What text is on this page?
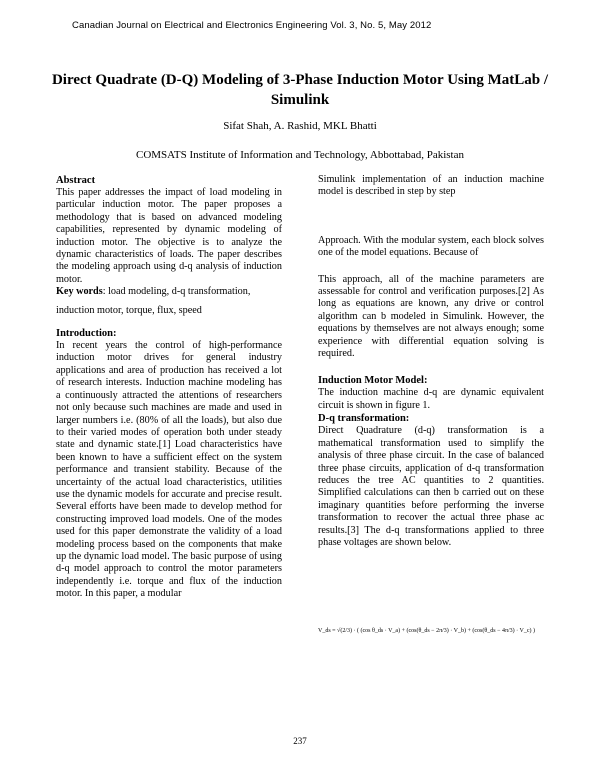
Canadian Journal on Electrical and Electronics Engineering Vol. 3, No. 5, May 2012
Direct Quadrate (D-Q) Modeling of 3-Phase Induction Motor Using MatLab / Simulink
Sifat Shah, A. Rashid, MKL Bhatti
COMSATS Institute of Information and Technology, Abbottabad, Pakistan
Abstract

This paper addresses the impact of load modeling in particular induction motor. The paper proposes a methodology that is based on advanced modeling capabilities, represented by dynamic modeling of induction motor. The objective is to analyze the dynamic characteristics of loads. The paper describes the modeling approach using d-q analysis of induction motor.

Key words: load modeling, d-q transformation,

induction motor, torque, flux, speed

Introduction:

In recent years the control of high-performance induction motor drives for general industry applications and area of production has received a lot of research interests. Induction machine modeling has a continuously attracted the attentions of researchers not only because such machines are made and used in larger numbers i.e. (80% of all the loads), but also due to their varied modes of operation both under steady state and dynamic state.[1] Load characteristics have been known to have a sufficient effect on the system performance and transient stability. Because of the uncertainty of the actual load characteristics, utilities use the dynamic models for accurate and precise result. Several efforts have been made to develop method for constructing improved load models. One of the modes used for this paper demonstrate the validity of a load modeling process based on the components that make up the dynamic load model. The basic purpose of using d-q model approach to control the motor parameters independently i.e. torque and flux of the induction motor. In this paper, a modular

Simulink implementation of an induction machine model is described in step by step

Approach. With the modular system, each block solves one of the model equations. Because of

This approach, all of the machine parameters are assessable for control and verification purposes.[2] As long as equations are known, any drive or control algorithm can b modeled in Simulink. However, the equations by themselves are not always enough; some experience with differential equation solving is required.

Induction Motor Model:

The induction machine d-q are dynamic equivalent circuit is shown in figure 1.

D-q transformation:

Direct Quadrature (d-q) transformation is a mathematical transformation used to simplify the analysis of three phase circuit. In the case of balanced three phase circuits, application of d-q transformation reduces the tree AC quantities to 2 quantities. Simplified calculations can then b carried out on these imaginary quantities before performing the inverse transformation to recover the actual three phase ac results.[3] The d-q transformations applied to three phase voltages are shown below.

V_ds = √(2/3) · ( (cos θ_ds · V_a) + (cos(θ_ds − 2π/3) · V_b) + (cos(θ_ds − 4π/3) · V_c) )
237
